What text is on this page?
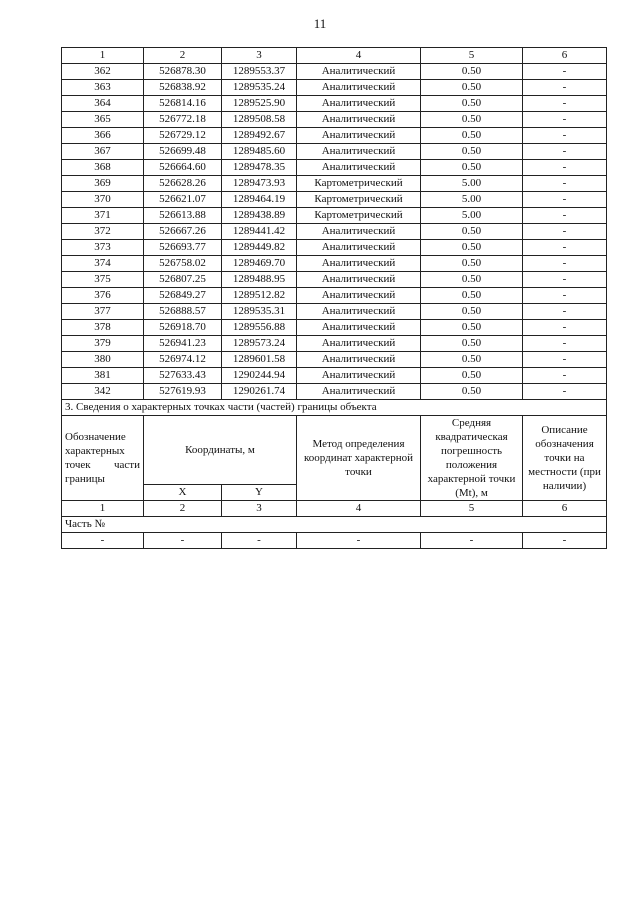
11
1	2	3	4	5	6
362	526878.30	1289553.37	Аналитический	0.50	-
363	526838.92	1289535.24	Аналитический	0.50	-
364	526814.16	1289525.90	Аналитический	0.50	-
365	526772.18	1289508.58	Аналитический	0.50	-
366	526729.12	1289492.67	Аналитический	0.50	-
367	526699.48	1289485.60	Аналитический	0.50	-
368	526664.60	1289478.35	Аналитический	0.50	-
369	526628.26	1289473.93	Картометрический	5.00	-
370	526621.07	1289464.19	Картометрический	5.00	-
371	526613.88	1289438.89	Картометрический	5.00	-
372	526667.26	1289441.42	Аналитический	0.50	-
373	526693.77	1289449.82	Аналитический	0.50	-
374	526758.02	1289469.70	Аналитический	0.50	-
375	526807.25	1289488.95	Аналитический	0.50	-
376	526849.27	1289512.82	Аналитический	0.50	-
377	526888.57	1289535.31	Аналитический	0.50	-
378	526918.70	1289556.88	Аналитический	0.50	-
379	526941.23	1289573.24	Аналитический	0.50	-
380	526974.12	1289601.58	Аналитический	0.50	-
381	527633.43	1290244.94	Аналитический	0.50	-
342	527619.93	1290261.74	Аналитический	0.50	-
3. Сведения о характерных точках части (частей) границы объекта					
Обозначение характерных точек части границы	Координаты, м		Метод определения координат характерной точки	Средняя квадратическая погрешность положения характерной точки (Mt), м	Описание обозначения точки на местности (при наличии)
	X	Y			
1	2	3	4	5	6
Часть №					
-	-	-	-	-	-
